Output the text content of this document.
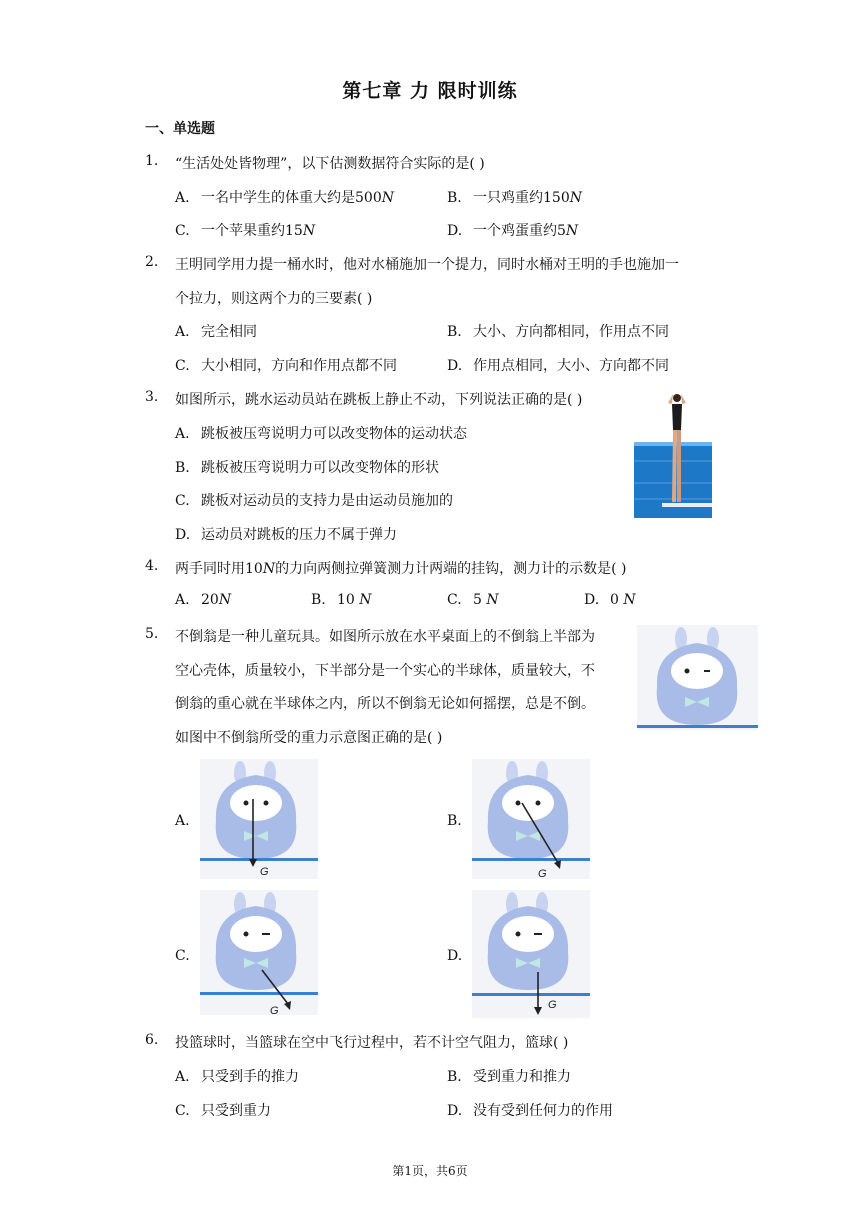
第七章 力 限时训练
一、单选题
1. “生活处处皆物理”，以下估测数据符合实际的是( )
A. 一名中学生的体重大约是500𝑁	B. 一只鸡重约150𝑁
C. 一个苹果重约15𝑁	D. 一个鸡蛋重约5𝑁
2. 王明同学用力提一桶水时，他对水桶施加一个提力，同时水桶对王明的手也施加一
个拉力，则这两个力的三要素( )
A. 完全相同	B. 大小、方向都相同，作用点不同
C. 大小相同，方向和作用点都不同	D. 作用点相同，大小、方向都不同
3. 如图所示，跳水运动员站在跳板上静止不动，下列说法正确的是( )
A. 跳板被压弯说明力可以改变物体的运动状态
B. 跳板被压弯说明力可以改变物体的形状
C. 跳板对运动员的支持力是由运动员施加的
D. 运动员对跳板的压力不属于弹力
4. 两手同时用10𝑁的力向两侧拉弹簧测力计两端的挂钩，测力计的示数是( )
A. 20𝑁	B. 10 𝑁	C. 5 𝑁	D. 0 𝑁
5. 不倒翁是一种儿童玩具。如图所示放在水平桌面上的不倒翁上半部为
空心壳体，质量较小，下半部分是一个实心的半球体，质量较大，不
倒翁的重心就在半球体之内，所以不倒翁无论如何摇摆，总是不倒。
如图中不倒翁所受的重力示意图正确的是( )
A.
G
B.
G
C.
G
D.
G
6. 投篮球时，当篮球在空中飞行过程中，若不计空气阻力，篮球( )
A. 只受到手的推力	B. 受到重力和推力
C. 只受到重力	D. 没有受到任何力的作用
第1页，共6页
